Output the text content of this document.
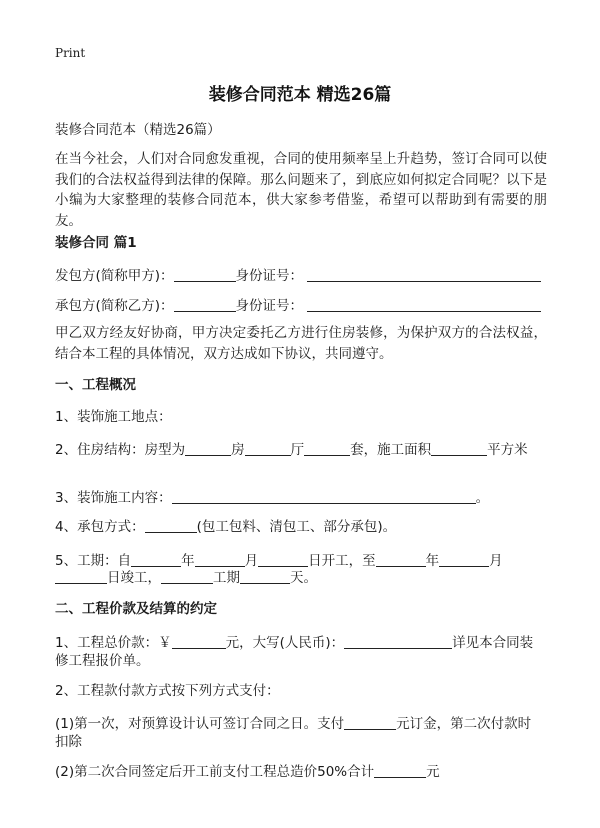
Print
装修合同范本 精选26篇
装修合同范本（精选26篇）
在当今社会，人们对合同愈发重视，合同的使用频率呈上升趋势，签订合同可以使我们的合法权益得到法律的保障。那么问题来了，到底应如何拟定合同呢？以下是小编为大家整理的装修合同范本，供大家参考借鉴，希望可以帮助到有需要的朋友。
装修合同 篇1
发包方(简称甲方)：	身份证号：
承包方(简称乙方)：	身份证号：
甲乙双方经友好协商，甲方决定委托乙方进行住房装修，为保护双方的合法权益，结合本工程的具体情况，双方达成如下协议，共同遵守。
一、工程概况
1、装饰施工地点：
2、住房结构：房型为	房	厅	套，施工面积	平方米
3、装饰施工内容：	。
4、承包方式：	(包工包料、清包工、部分承包)。
5、工期：自	年	月	日开工，至	年	月
日竣工，	工期	天。
二、工程价款及结算的约定
1、工程总价款：￥	元，大写(人民币)：	详见本合同装
修工程报价单。
2、工程款付款方式按下列方式支付：
(1)第一次，对预算设计认可签订合同之日。支付	元订金，第二次付款时
扣除
(2)第二次合同签定后开工前支付工程总造价50%合计	元
